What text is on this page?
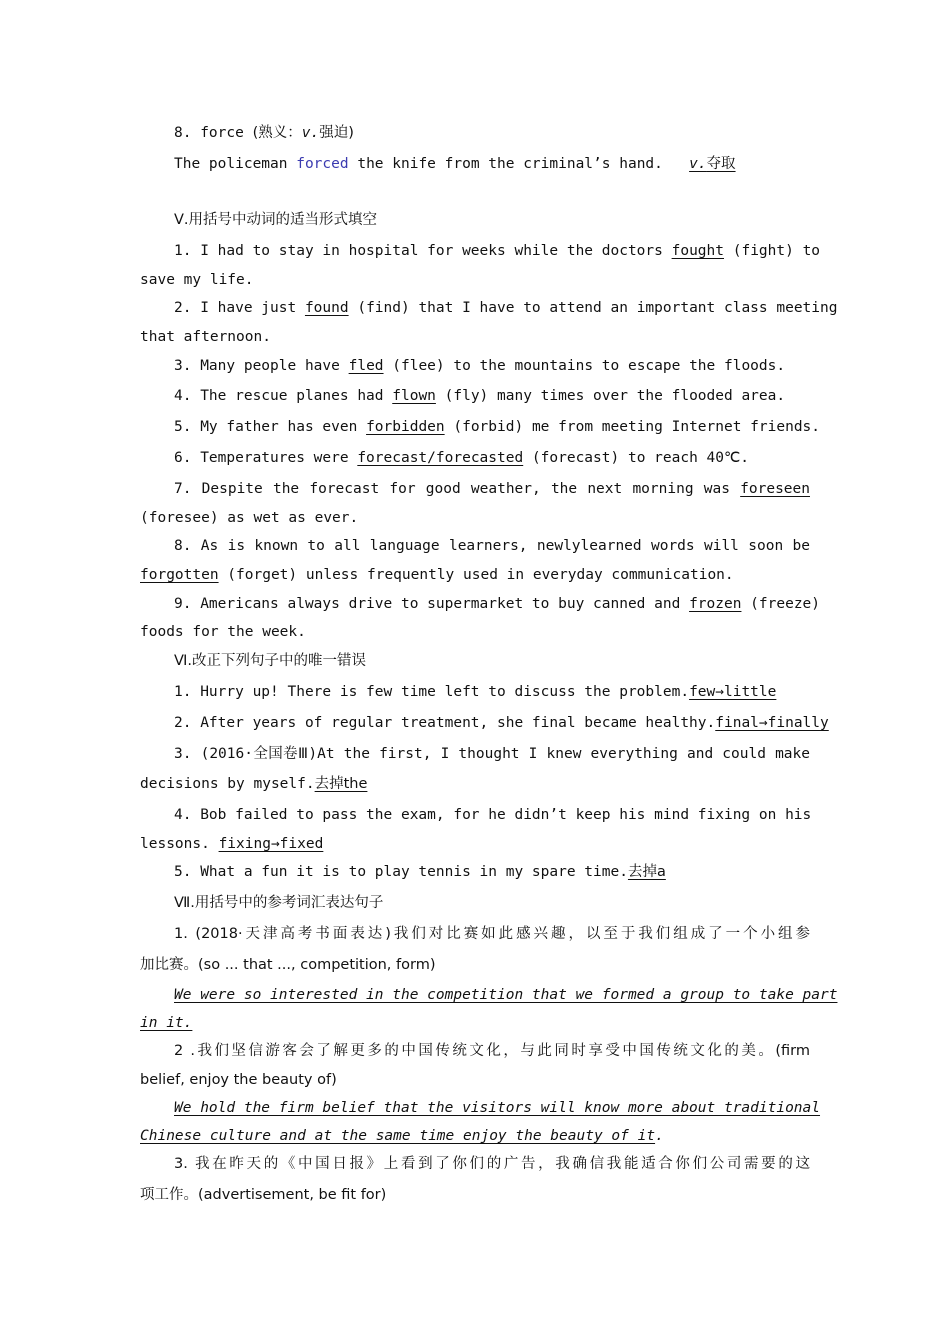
8. force (熟义：v.强迫)
The policeman forced the knife from the criminal’s hand. v.夺取
Ⅴ.用括号中动词的适当形式填空
1. I had to stay in hospital for weeks while the doctors fought (fight) to
save my life.
2. I have just found (find) that I have to attend an important class meeting
that afternoon.
3. Many people have fled (flee) to the mountains to escape the floods.
4. The rescue planes had flown (fly) many times over the flooded area.
5. My father has even forbidden (forbid) me from meeting Internet friends.
6. Temperatures were forecast/forecasted (forecast) to reach 40℃.
7. Despite the forecast for good weather, the next morning was foreseen
(foresee) as wet as ever.
8. As is known to all language learners, newlylearned words will soon be
forgotten (forget) unless frequently used in everyday communication.
9. Americans always drive to supermarket to buy canned and frozen (freeze)
foods for the week.
Ⅵ.改正下列句子中的唯一错误
1. Hurry up! There is few time left to discuss the problem.few→little
2. After years of regular treatment, she final became healthy.final→finally
3. (2016·全国卷Ⅲ)At the first, I thought I knew everything and could make
decisions by myself.去掉the
4. Bob failed to pass the exam, for he didn’t keep his mind fixing on his
lessons. fixing→fixed
5. What a fun it is to play tennis in my spare time.去掉a
Ⅶ.用括号中的参考词汇表达句子
1. (2018·天津高考书面表达)我们对比赛如此感兴趣，以至于我们组成了一个小组参
加比赛。(so ... that ..., competition, form)
We were so interested in the competition that we formed a group to take part
in it.
2 .我们坚信游客会了解更多的中国传统文化，与此同时享受中国传统文化的美。(firm
belief, enjoy the beauty of)
We hold the firm belief that the visitors will know more about traditional
Chinese culture and at the same time enjoy the beauty of it.
3. 我在昨天的《中国日报》上看到了你们的广告，我确信我能适合你们公司需要的这
项工作。(advertisement, be fit for)
